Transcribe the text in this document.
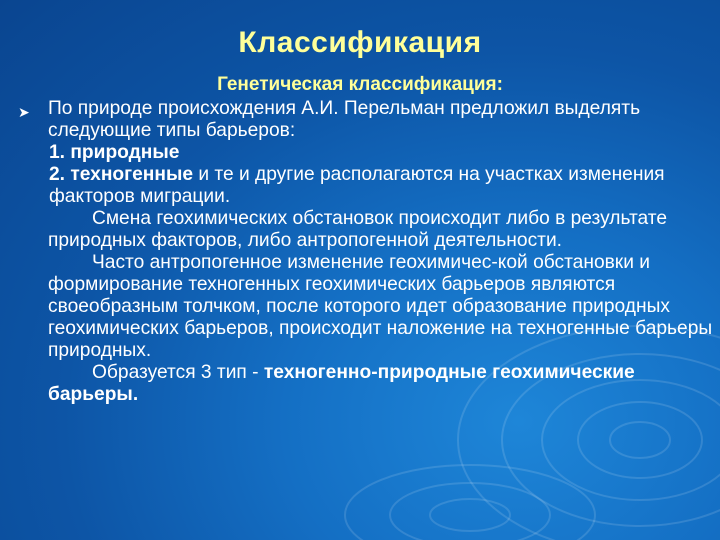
Классификация
Генетическая классификация:
➤ По природе происхождения А.И. Перельман предложил выделять следующие типы барьеров:

1. природные

2. техногенные и те и другие располагаются на участках изменения факторов миграции.

Смена геохимических обстановок происходит либо в результате природных факторов, либо антропогенной деятельности.

Часто антропогенное изменение геохимичес-кой обстановки и формирование техногенных геохимических барьеров являются своеобразным толчком, после которого идет образование природных геохимических барьеров, происходит наложение на техногенные барьеры природных.

Образуется 3 тип - техногенно-природные геохимические барьеры.
